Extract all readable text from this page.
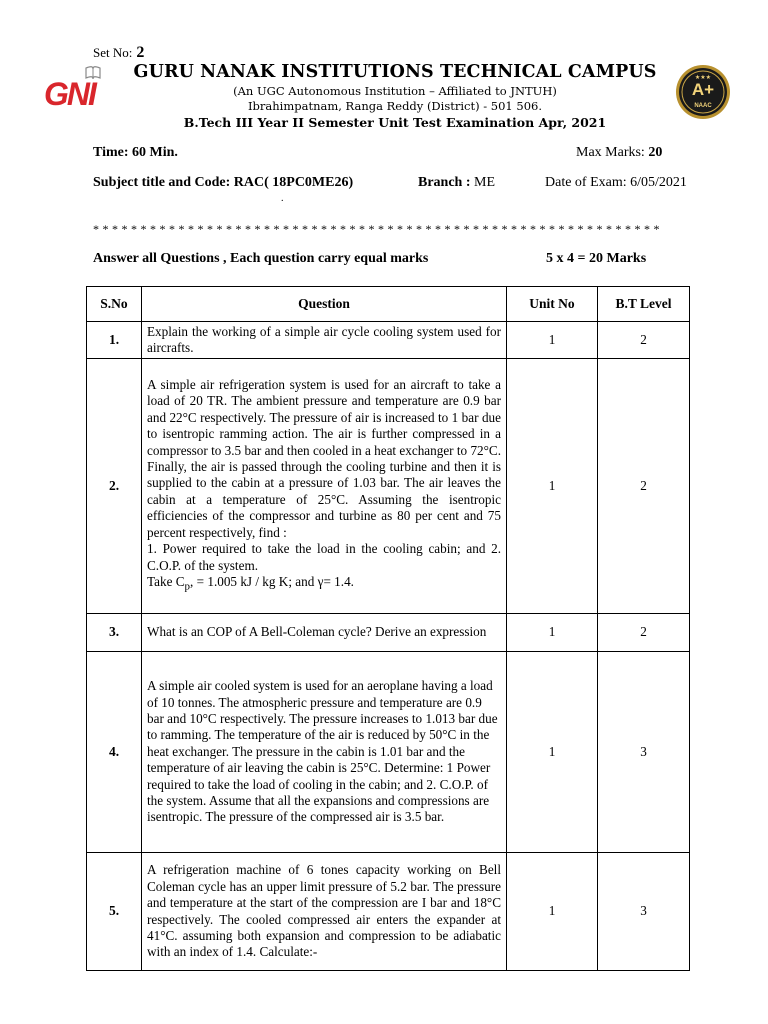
Set No: 2
GNI	A+
NAAC
★★★
GURU NANAK INSTITUTIONS TECHNICAL CAMPUS
(An UGC Autonomous Institution – Affiliated to JNTUH)
Ibrahimpatnam, Ranga Reddy (District) - 501 506.
B.Tech III Year II Semester Unit Test Examination Apr, 2021
Time: 60 Min.	Max Marks: 20
Subject title and Code: RAC( 18PC0ME26)	Branch : ME	Date of Exam: 6/05/2021
.
************************************************************
Answer all Questions , Each question carry equal marks	5 x 4 = 20 Marks
S.No	Question	Unit No	B.T Level
1.	Explain the working of a simple air cycle cooling system used for aircrafts.	1	2
2.	A simple air refrigeration system is used for an aircraft to take a load of 20 TR. The ambient pressure and temperature are 0.9 bar and 22°C respectively. The pressure of air is increased to 1 bar due to isentropic ramming action. The air is further compressed in a compressor to 3.5 bar and then cooled in a heat exchanger to 72°C. Finally, the air is passed through the cooling turbine and then it is supplied to the cabin at a pressure of 1.03 bar. The air leaves the cabin at a temperature of 25°C. Assuming the isentropic efficiencies of the compressor and turbine as 80 per cent and 75 percent respectively, find :
1. Power required to take the load in the cooling cabin; and 2. C.O.P. of the system.
Take $C_p$, = 1.005 kJ / kg K; and γ= 1.4.	1	2
3.	What is an COP of A Bell-Coleman cycle? Derive an expression	1	2
4.	A simple air cooled system is used for an aeroplane having a load of 10 tonnes. The atmospheric pressure and temperature are 0.9 bar and 10°C respectively. The pressure increases to 1.013 bar due to ramming. The temperature of the air is reduced by 50°C in the heat exchanger. The pressure in the cabin is 1.01 bar and the temperature of air leaving the cabin is 25°C. Determine: 1 Power required to take the load of cooling in the cabin; and 2. C.O.P. of the system. Assume that all the expansions and compressions are isentropic. The pressure of the compressed air is 3.5 bar.	1	3
5.	A refrigeration machine of 6 tones capacity working on Bell Coleman cycle has an upper limit pressure of 5.2 bar. The pressure and temperature at the start of the compression are I bar and 18°C respectively. The cooled compressed air enters the expander at 41°C. assuming both expansion and compression to be adiabatic with an index of 1.4. Calculate:-	1	3
